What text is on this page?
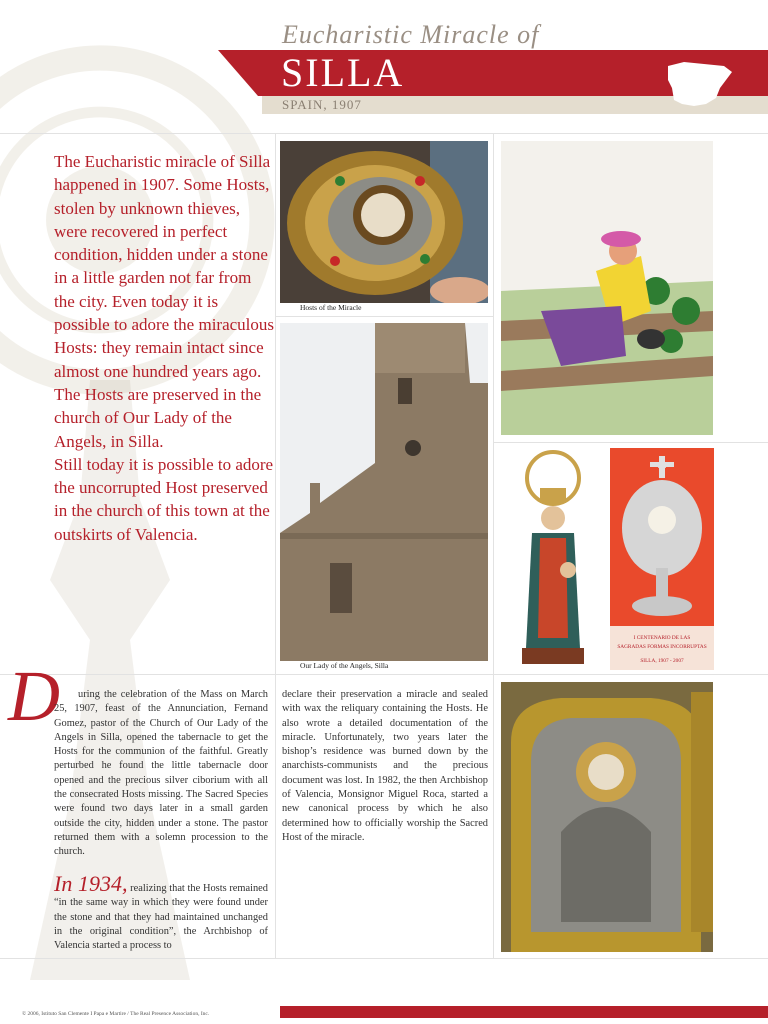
Eucharistic Miracle of
SILLA
SPAIN, 1907

The Eucharistic miracle of Silla happened in 1907. Some Hosts, stolen by unknown thieves, were recovered in perfect condition, hidden under a stone in a little garden not far from the city. Even today it is possible to adore the miraculous Hosts: they remain intact since almost one hundred years ago. The Hosts are preserved in the church of Our Lady of the Angels, in Silla.

Still today it is possible to adore the uncorrupted Host preserved in the church of this town at the outskirts of Valencia.

Hosts of the Miracle
Our Lady of the Angels, Silla
I CENTENARIO DE LAS
SAGRADAS FORMAS INCORRUPTAS
SILLA, 1907 - 2007
D	uring the celebration of the Mass on March 25, 1907, feast of the Annunciation, Fernand Gomez, pastor of the Church of Our Lady of the Angels in Silla, opened the tabernacle to get the Hosts for the communion of the faithful. Greatly perturbed he found the little tabernacle door opened and the precious silver ciborium with all the consecrated Hosts missing. The Sacred Species were found two days later in a small garden outside the city, hidden under a stone. The pastor returned them with a solemn procession to the church.
In 1934, realizing that the Hosts remained “in the same way in which they were found under the stone and that they had maintained unchanged in the original condition”, the Archbishop of Valencia started a process to
declare their preservation a miracle and sealed with wax the reliquary containing the Hosts. He also wrote a detailed documentation of the miracle. Unfortunately, two years later the bishop’s residence was burned down by the anarchists-communists and the precious document was lost. In 1982, the then Archbishop of Valencia, Monsignor Miguel Roca, started a new canonical process by which he also determined how to officially worship the Sacred Host of the miracle.
© 2006, Istituto San Clemente I Papa e Martire / The Real Presence Association, Inc.
